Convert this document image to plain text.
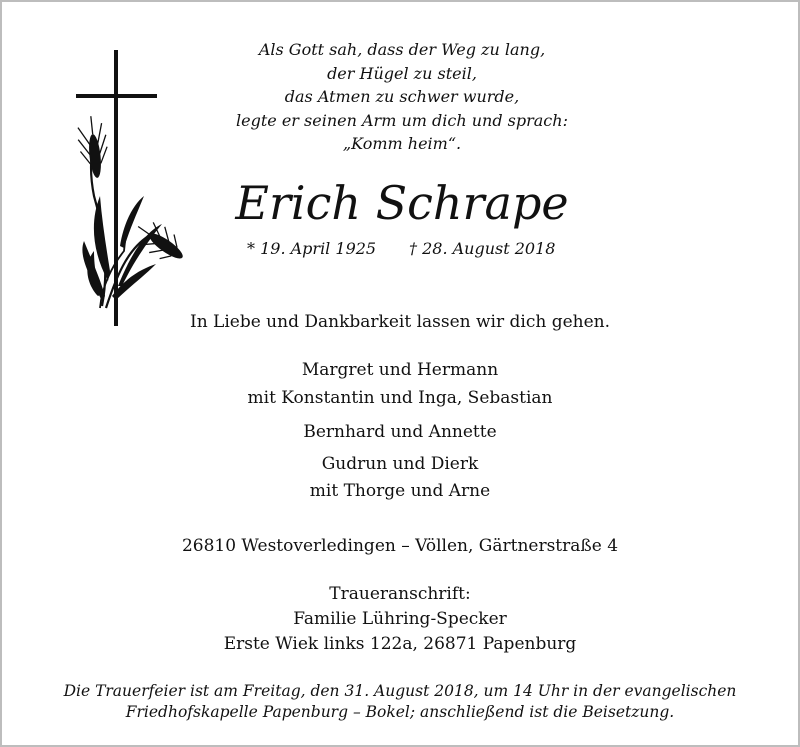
Als Gott sah, dass der Weg zu lang,
der Hügel zu steil,
das Atmen zu schwer wurde,
legte er seinen Arm um dich und sprach:
„Komm heim“.
Erich Schrape
* 19. April 1925 † 28. August 2018
In Liebe und Dankbarkeit lassen wir dich gehen.
Margret und Hermann
mit Konstantin und Inga, Sebastian
Bernhard und Annette
Gudrun und Dierk
mit Thorge und Arne
26810 Westoverledingen – Völlen, Gärtnerstraße 4
Traueranschrift:
Familie Lühring-Specker
Erste Wiek links 122a, 26871 Papenburg
Die Trauerfeier ist am Freitag, den 31. August 2018, um 14 Uhr in der evangelischen
Friedhofskapelle Papenburg – Bokel; anschließend ist die Beisetzung.
